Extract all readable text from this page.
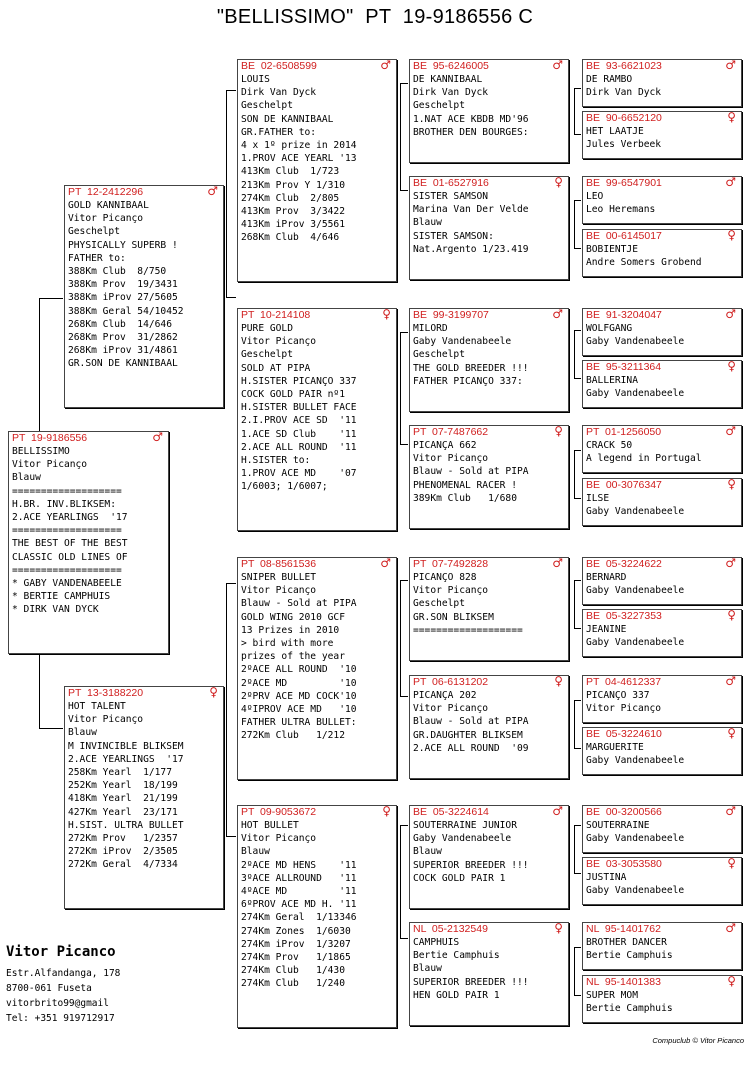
"BELLISSIMO"  PT  19-9186556 C
PT  19-9186556	♂
BELLISSIMO
Vitor Picanço
Blauw
===================
H.BR. INV.BLIKSEM:
2.ACE YEARLINGS  '17
===================
THE BEST OF THE BEST
CLASSIC OLD LINES OF
===================
* GABY VANDENABEELE
* BERTIE CAMPHUIS
* DIRK VAN DYCK
PT  12-2412296	♂
GOLD KANNIBAAL
Vitor Picanço
Geschelpt
PHYSICALLY SUPERB !
FATHER to:
388Km Club  8/750
388Km Prov  19/3431
388Km iProv 27/5605
388Km Geral 54/10452
268Km Club  14/646
268Km Prov  31/2862
268Km iProv 31/4861
GR.SON DE KANNIBAAL
PT  13-3188220	♀
HOT TALENT
Vitor Picanço
Blauw
M INVINCIBLE BLIKSEM
2.ACE YEARLINGS  '17
258Km Yearl  1/177
252Km Yearl  18/199
418Km Yearl  21/199
427Km Yearl  23/171
H.SIST. ULTRA BULLET
272Km Prov   1/2357
272Km iProv  2/3505
272Km Geral  4/7334
BE  02-6508599	♂
LOUIS
Dirk Van Dyck
Geschelpt
SON DE KANNIBAAL
GR.FATHER to:
4 x 1º prize in 2014
1.PROV ACE YEARL '13
413Km Club  1/723
213Km Prov Y 1/310
274Km Club  2/805
413Km Prov  3/3422
413Km iProv 3/5561
268Km Club  4/646
PT  10-214108	♀
PURE GOLD
Vitor Picanço
Geschelpt
SOLD AT PIPA
H.SISTER PICANÇO 337
COCK GOLD PAIR nº1
H.SISTER BULLET FACE
2.I.PROV ACE SD  '11
1.ACE SD Club    '11
2.ACE ALL ROUND  '11
H.SISTER to:
1.PROV ACE MD    '07
1/6003; 1/6007;
PT  08-8561536	♂
SNIPER BULLET
Vitor Picanço
Blauw - Sold at PIPA
GOLD WING 2010 GCF
13 Prizes in 2010
> bird with more
prizes of the year
2ºACE ALL ROUND  '10
2ºACE MD         '10
2ºPRV ACE MD COCK'10
4ºIPROV ACE MD   '10
FATHER ULTRA BULLET:
272Km Club   1/212
PT  09-9053672	♀
HOT BULLET
Vitor Picanço
Blauw
2ºACE MD HENS    '11
3ºACE ALLROUND   '11
4ºACE MD         '11
6ºPROV ACE MD H. '11
274Km Geral  1/13346
274Km Zones  1/6030
274Km iProv  1/3207
274Km Prov   1/1865
274Km Club   1/430
274Km Club   1/240
BE  95-6246005	♂
DE KANNIBAAL
Dirk Van Dyck
Geschelpt
1.NAT ACE KBDB MD'96
BROTHER DEN BOURGES:
BE  01-6527916	♀
SISTER SAMSON
Marina Van Der Velde
Blauw
SISTER SAMSON:
Nat.Argento 1/23.419
BE  99-3199707	♂
MILORD
Gaby Vandenabeele
Geschelpt
THE GOLD BREEDER !!!
FATHER PICANÇO 337:
PT  07-7487662	♀
PICANÇA 662
Vitor Picanço
Blauw - Sold at PIPA
PHENOMENAL RACER !
389Km Club   1/680
PT  07-7492828	♂
PICANÇO 828
Vitor Picanço
Geschelpt
GR.SON BLIKSEM
===================
PT  06-6131202	♀
PICANÇA 202
Vitor Picanço
Blauw - Sold at PIPA
GR.DAUGHTER BLIKSEM
2.ACE ALL ROUND  '09
BE  05-3224614	♂
SOUTERRAINE JUNIOR
Gaby Vandenabeele
Blauw
SUPERIOR BREEDER !!!
COCK GOLD PAIR 1
NL  05-2132549	♀
CAMPHUIS
Bertie Camphuis
Blauw
SUPERIOR BREEDER !!!
HEN GOLD PAIR 1
BE  93-6621023	♂
DE RAMBO
Dirk Van Dyck
BE  90-6652120	♀
HET LAATJE
Jules Verbeek
BE  99-6547901	♂
LEO
Leo Heremans
BE  00-6145017	♀
BOBIENTJE
Andre Somers Grobend
BE  91-3204047	♂
WOLFGANG
Gaby Vandenabeele
BE  95-3211364	♀
BALLERINA
Gaby Vandenabeele
PT  01-1256050	♂
CRACK 50
A legend in Portugal
BE  00-3076347	♀
ILSE
Gaby Vandenabeele
BE  05-3224622	♂
BERNARD
Gaby Vandenabeele
BE  05-3227353	♀
JEANINE
Gaby Vandenabeele
PT  04-4612337	♂
PICANÇO 337
Vitor Picanço
BE  05-3224610	♀
MARGUERITE
Gaby Vandenabeele
BE  00-3200566	♂
SOUTERRAINE
Gaby Vandenabeele
BE  03-3053580	♀
JUSTINA
Gaby Vandenabeele
NL  95-1401762	♂
BROTHER DANCER
Bertie Camphuis
NL  95-1401383	♀
SUPER MOM
Bertie Camphuis
Vitor Picanco
Estr.Alfandanga, 178
8700-061 Fuseta
vitorbrito99@gmail
Tel: +351 919712917
Compuclub © Vitor Picanco
